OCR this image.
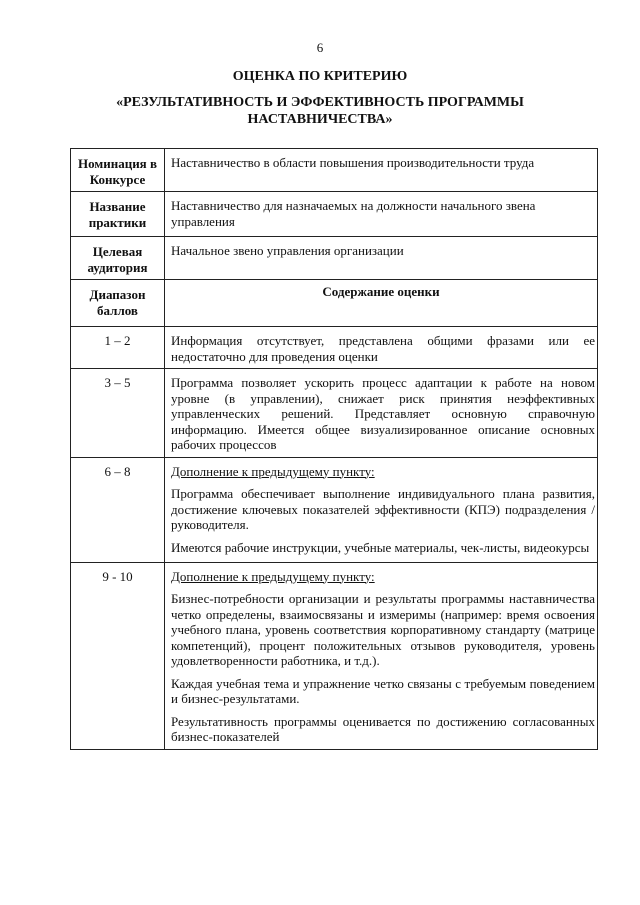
6
ОЦЕНКА ПО КРИТЕРИЮ
«РЕЗУЛЬТАТИВНОСТЬ И ЭФФЕКТИВНОСТЬ ПРОГРАММЫ
НАСТАВНИЧЕСТВА»
Номинация в
Конкурсе	Наставничество в области повышения производительности труда

Название
практики	Наставничество для назначаемых на должности начального звена управления

Целевая
аудитория	Начальное звено управления организации

Диапазон
баллов	Содержание оценки
1 – 2	Информация отсутствует, представлена общими фразами или ее недостаточно для проведения оценки

3 – 5	Программа позволяет ускорить процесс адаптации к работе на новом уровне (в управлении), снижает риск принятия неэффективных управленческих решений. Представляет основную справочную информацию. Имеется общее визуализированное описание основных рабочих процессов

6 – 8	Дополнение к предыдущему пункту:

Программа обеспечивает выполнение индивидуального плана развития, достижение ключевых показателей эффективности (КПЭ) подразделения / руководителя.

Имеются рабочие инструкции, учебные материалы, чек-листы, видеокурсы

9 - 10	Дополнение к предыдущему пункту:

Бизнес-потребности организации и результаты программы наставничества четко определены, взаимосвязаны и измеримы (например: время освоения учебного плана, уровень соответствия корпоративному стандарту (матрице компетенций), процент положительных отзывов руководителя, уровень удовлетворенности работника, и т.д.).

Каждая учебная тема и упражнение четко связаны с требуемым поведением и бизнес-результатами.

Результативность программы оценивается по достижению согласованных бизнес-показателей
